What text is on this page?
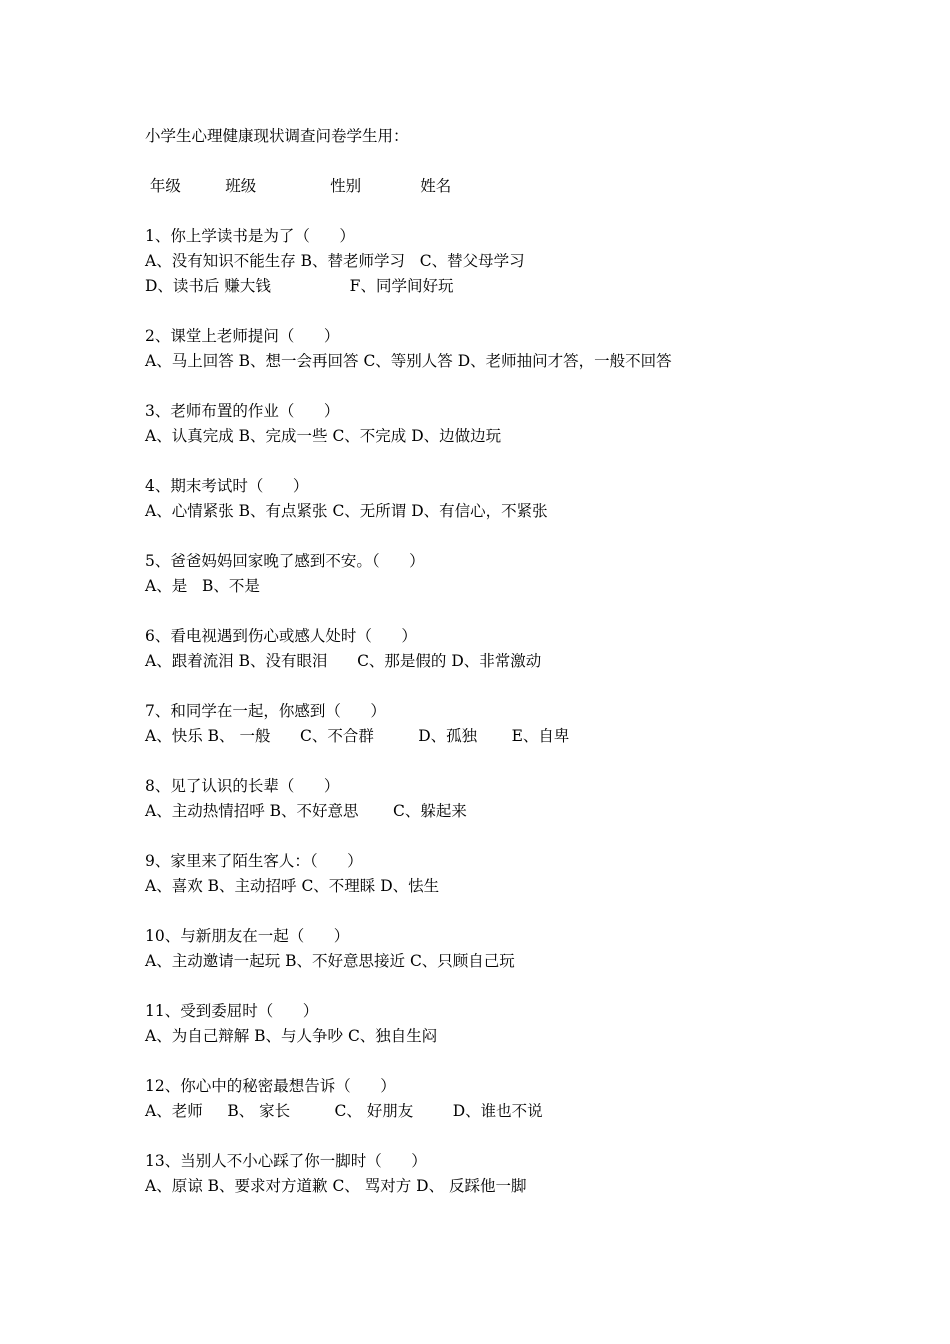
小学生心理健康现状调查问卷学生用：
年级         班级               性别            姓名
1、你上学读书是为了（      ）
A、没有知识不能生存 B、替老师学习   C、替父母学习
D、读书后 赚大钱                F、同学间好玩
2、课堂上老师提问（      ）
A、马上回答 B、想一会再回答 C、等别人答 D、老师抽问才答，一般不回答
3、老师布置的作业（      ）
A、认真完成 B、完成一些 C、不完成 D、边做边玩
4、期末考试时（      ）
A、心情紧张 B、有点紧张 C、无所谓 D、有信心，不紧张
5、爸爸妈妈回家晚了感到不安。（      ）
A、是   B、不是
6、看电视遇到伤心或感人处时（      ）
A、跟着流泪 B、没有眼泪      C、那是假的 D、非常激动
7、和同学在一起，你感到（      ）
A、快乐 B、 一般      C、不合群         D、孤独       E、自卑
8、见了认识的长辈（      ）
A、主动热情招呼 B、不好意思       C、躲起来
9、家里来了陌生客人：（      ）
A、喜欢 B、主动招呼 C、不理睬 D、怯生
10、与新朋友在一起（      ）
A、主动邀请一起玩 B、不好意思接近 C、只顾自己玩
11、受到委屈时（      ）
A、为自己辩解 B、与人争吵 C、独自生闷
12、你心中的秘密最想告诉（      ）
A、老师     B、 家长         C、 好朋友        D、谁也不说
13、当别人不小心踩了你一脚时（      ）
A、原谅 B、要求对方道歉 C、 骂对方 D、 反踩他一脚
